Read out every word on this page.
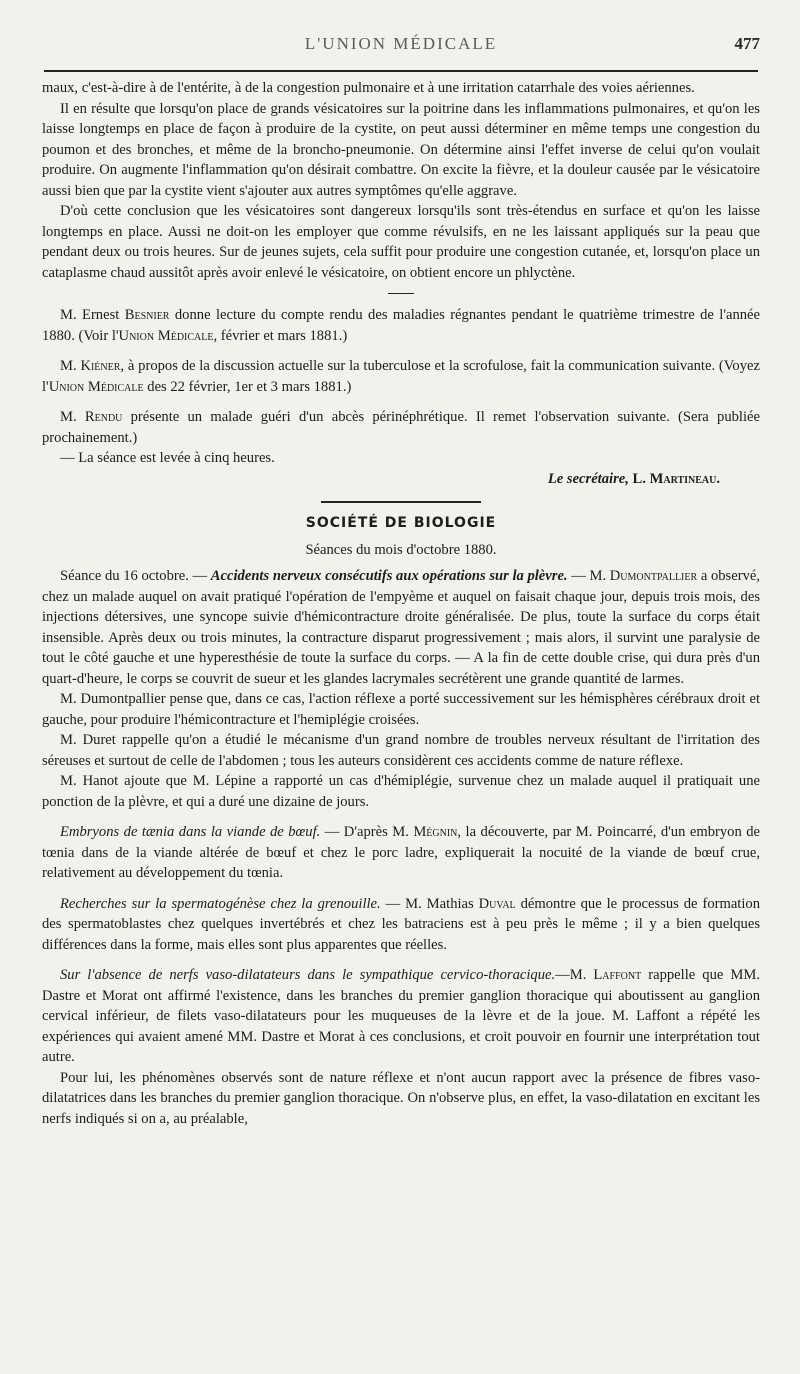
L'UNION MÉDICALE	477

maux, c'est-à-dire à de l'entérite, à de la congestion pulmonaire et à une irritation catarrhale des voies aériennes.

Il en résulte que lorsqu'on place de grands vésicatoires sur la poitrine dans les inflammations pulmonaires, et qu'on les laisse longtemps en place de façon à produire de la cystite, on peut aussi déterminer en même temps une congestion du poumon et des bronches, et même de la broncho-pneumonie. On détermine ainsi l'effet inverse de celui qu'on voulait produire. On augmente l'inflammation qu'on désirait combattre. On excite la fièvre, et la douleur causée par le vésicatoire aussi bien que par la cystite vient s'ajouter aux autres symptômes qu'elle aggrave.

D'où cette conclusion que les vésicatoires sont dangereux lorsqu'ils sont très-étendus en surface et qu'on les laisse longtemps en place. Aussi ne doit-on les employer que comme révulsifs, en ne les laissant appliqués sur la peau que pendant deux ou trois heures. Sur de jeunes sujets, cela suffit pour produire une congestion cutanée, et, lorsqu'on place un cataplasme chaud aussitôt après avoir enlevé le vésicatoire, on obtient encore un phlyctène.

M. Ernest Besnier donne lecture du compte rendu des maladies régnantes pendant le quatrième trimestre de l'année 1880. (Voir l'Union Médicale, février et mars 1881.)

M. Kiéner, à propos de la discussion actuelle sur la tuberculose et la scrofulose, fait la communication suivante. (Voyez l'Union Médicale des 22 février, 1er et 3 mars 1881.)

M. Rendu présente un malade guéri d'un abcès périnéphrétique. Il remet l'observation suivante. (Sera publiée prochainement.)

— La séance est levée à cinq heures.

Le secrétaire, L. Martineau.

SOCIÉTÉ DE BIOLOGIE
Séances du mois d'octobre 1880.

Séance du 16 octobre. — Accidents nerveux consécutifs aux opérations sur la plèvre. — M. Dumontpallier a observé, chez un malade auquel on avait pratiqué l'opération de l'empyème et auquel on faisait chaque jour, depuis trois mois, des injections détersives, une syncope suivie d'hémicontracture droite généralisée. De plus, toute la surface du corps était insensible. Après deux ou trois minutes, la contracture disparut progressivement ; mais alors, il survint une paralysie de tout le côté gauche et une hyperesthésie de toute la surface du corps. — A la fin de cette double crise, qui dura près d'un quart-d'heure, le corps se couvrit de sueur et les glandes lacrymales secrétèrent une grande quantité de larmes.

M. Dumontpallier pense que, dans ce cas, l'action réflexe a porté successivement sur les hémisphères cérébraux droit et gauche, pour produire l'hémicontracture et l'hemiplégie croisées.

M. Duret rappelle qu'on a étudié le mécanisme d'un grand nombre de troubles nerveux résultant de l'irritation des séreuses et surtout de celle de l'abdomen ; tous les auteurs considèrent ces accidents comme de nature réflexe.

M. Hanot ajoute que M. Lépine a rapporté un cas d'hémiplégie, survenue chez un malade auquel il pratiquait une ponction de la plèvre, et qui a duré une dizaine de jours.

Embryons de tænia dans la viande de bœuf. — D'après M. Mégnin, la découverte, par M. Poincarré, d'un embryon de tœnia dans de la viande altérée de bœuf et chez le porc ladre, expliquerait la nocuité de la viande de bœuf crue, relativement au développement du tœnia.

Recherches sur la spermatogénèse chez la grenouille. — M. Mathias Duval démontre que le processus de formation des spermatoblastes chez quelques invertébrés et chez les batraciens est à peu près le même ; il y a bien quelques différences dans la forme, mais elles sont plus apparentes que réelles.

Sur l'absence de nerfs vaso-dilatateurs dans le sympathique cervico-thoracique.—M. Laffont rappelle que MM. Dastre et Morat ont affirmé l'existence, dans les branches du premier ganglion thoracique qui aboutissent au ganglion cervical inférieur, de filets vaso-dilatateurs pour les muqueuses de la lèvre et de la joue. M. Laffont a répété les expériences qui avaient amené MM. Dastre et Morat à ces conclusions, et croit pouvoir en fournir une interprétation tout autre.

Pour lui, les phénomènes observés sont de nature réflexe et n'ont aucun rapport avec la présence de fibres vaso-dilatatrices dans les branches du premier ganglion thoracique. On n'observe plus, en effet, la vaso-dilatation en excitant les nerfs indiqués si on a, au préalable,
